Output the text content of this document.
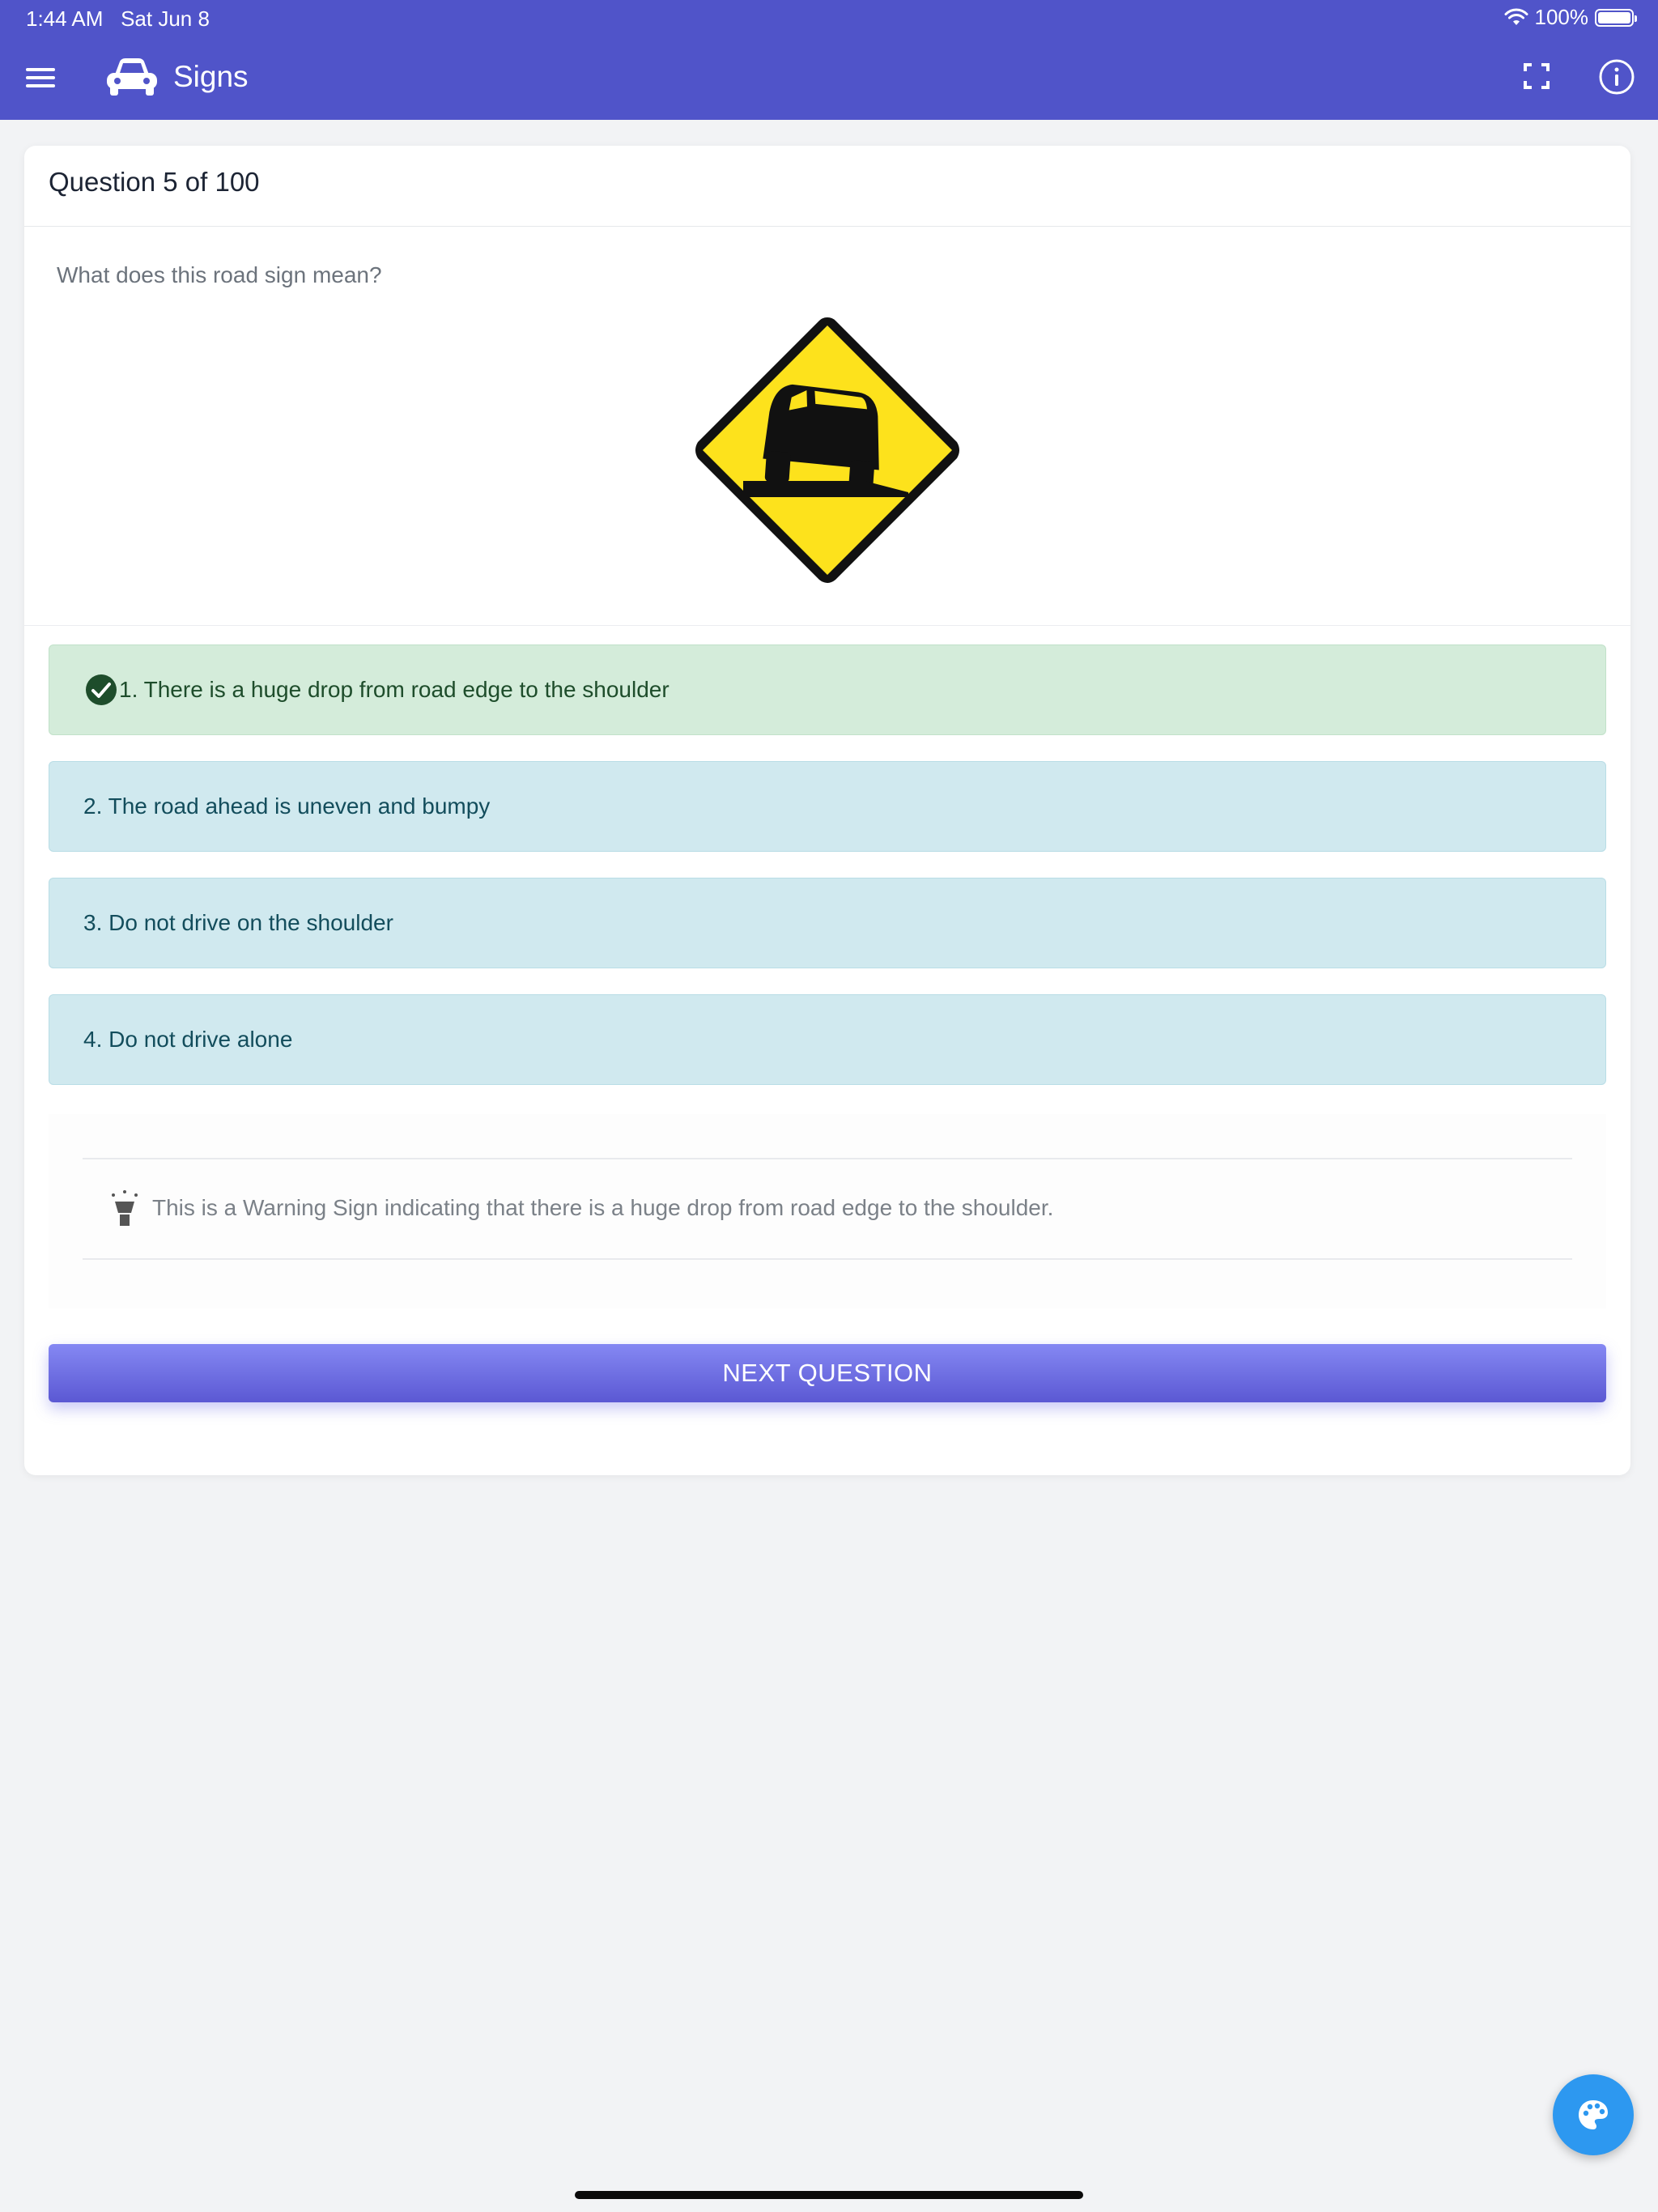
1:44 AM Sat Jun 8	100%
Signs
Question 5 of 100
What does this road sign mean?
1. There is a huge drop from road edge to the shoulder
2. The road ahead is uneven and bumpy
3. Do not drive on the shoulder
4. Do not drive alone
This is a Warning Sign indicating that there is a huge drop from road edge to the shoulder.
NEXT QUESTION
